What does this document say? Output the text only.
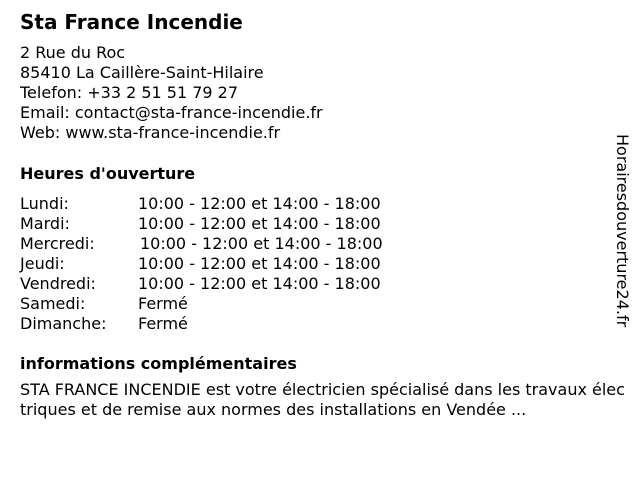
Sta France Incendie
2 Rue du Roc
85410 La Caillère-Saint-Hilaire
Telefon: +33 2 51 51 79 27
Email: contact@sta-france-incendie.fr
Web: www.sta-france-incendie.fr
Heures d'ouverture
Lundi:	10:00 - 12:00 et 14:00 - 18:00
Mardi:	10:00 - 12:00 et 14:00 - 18:00
Mercredi:	10:00 - 12:00 et 14:00 - 18:00
Jeudi:	10:00 - 12:00 et 14:00 - 18:00
Vendredi:	10:00 - 12:00 et 14:00 - 18:00
Samedi:	Fermé
Dimanche: Fermé
informations complémentaires
STA FRANCE INCENDIE est votre électricien spécialisé dans les travaux électriques et de remise aux normes des installations en Vendée ...
Horairesdouverture24.fr
